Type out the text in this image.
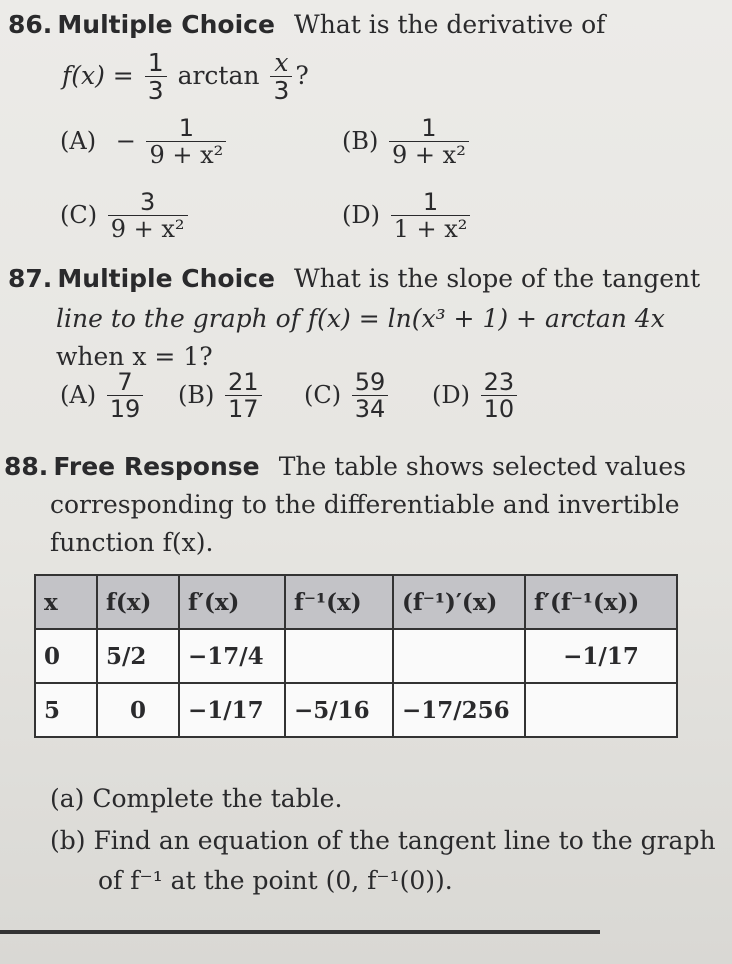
86. Multiple Choice What is the derivative of
$f(x) = \frac{1}{3}$ $\arctan \frac{x}{3}$ ?
$(A) - \frac{1}{\text{9 + x²}}$	$(B) \frac{1}{\text{9 + x²}}$
$(C) \frac{3}{\text{9 + x²}}$	$(D) \frac{1}{\text{1 + x²}}$
87. Multiple Choice What is the slope of the tangent
line to the graph of f(x) = ln(x³ + 1) + arctan 4x
when x = 1?
$(A) \frac{7}{19} (B) \frac{21}{17} (C) \frac{59}{34} (D) \frac{23}{10}$
88. Free Response The table shows selected values
corresponding to the differentiable and invertible
function f(x).
x	f(x)	f′(x)	f⁻¹(x)	(f⁻¹)′(x)	f′(f⁻¹(x))
0	5/2	−17/4			−1/17
5	0	−1/17	−5/16	−17/256	
(a) Complete the table.
(b) Find an equation of the tangent line to the graph
of f⁻¹ at the point (0, f⁻¹(0)).
